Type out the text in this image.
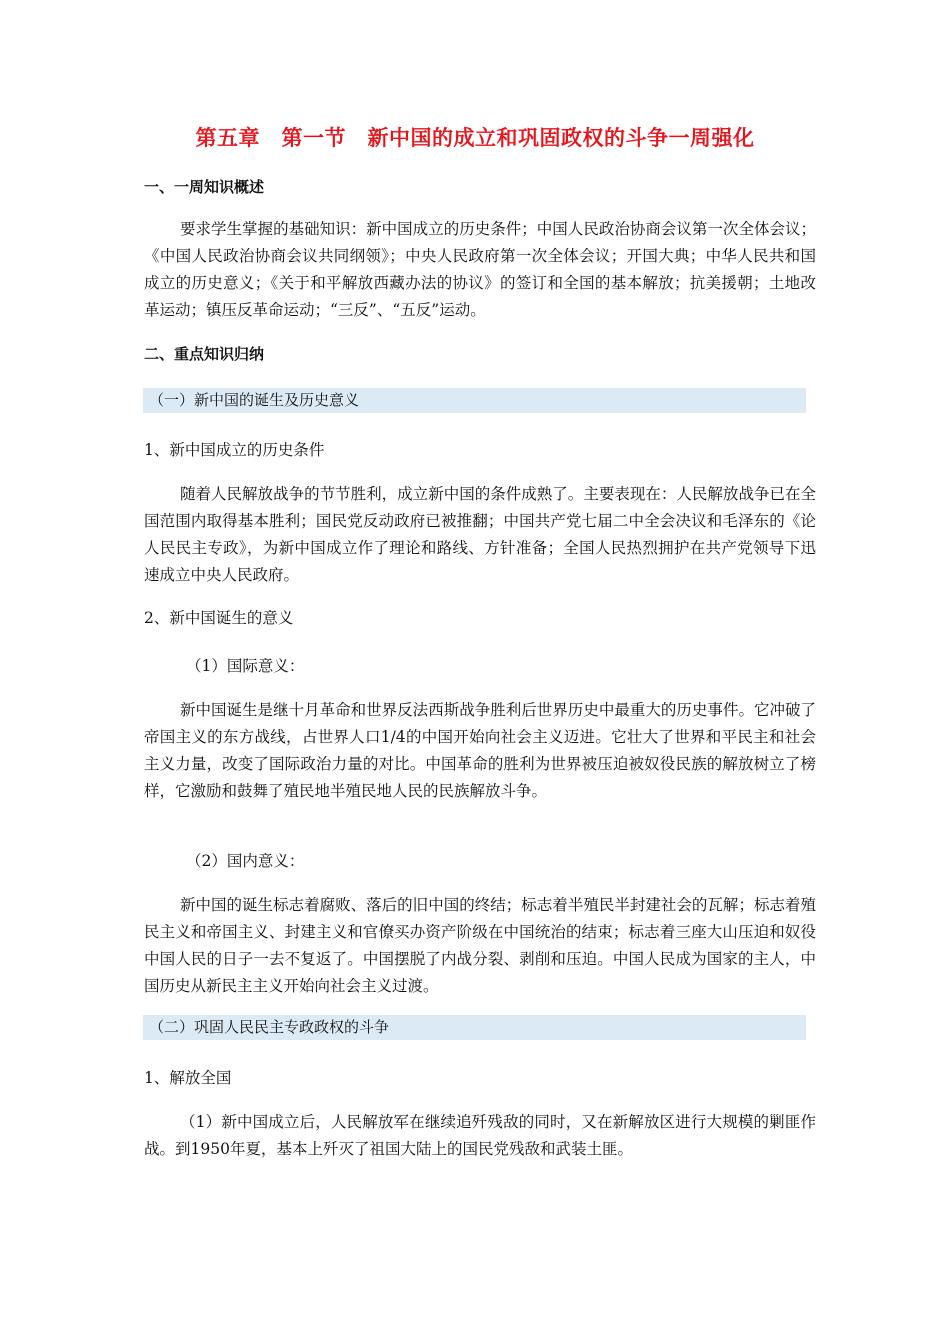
第五章　第一节　新中国的成立和巩固政权的斗争一周强化
一、一周知识概述
要求学生掌握的基础知识：新中国成立的历史条件；中国人民政治协商会议第一次全体会议；《中国人民政治协商会议共同纲领》；中央人民政府第一次全体会议；开国大典；中华人民共和国成立的历史意义；《关于和平解放西藏办法的协议》的签订和全国的基本解放；抗美援朝；土地改革运动；镇压反革命运动；“三反”、“五反”运动。
二、重点知识归纳
（一）新中国的诞生及历史意义
1、新中国成立的历史条件
随着人民解放战争的节节胜利，成立新中国的条件成熟了。主要表现在：人民解放战争已在全国范围内取得基本胜利；国民党反动政府已被推翻；中国共产党七届二中全会决议和毛泽东的《论人民民主专政》，为新中国成立作了理论和路线、方针准备；全国人民热烈拥护在共产党领导下迅速成立中央人民政府。
2、新中国诞生的意义
（1）国际意义：
新中国诞生是继十月革命和世界反法西斯战争胜利后世界历史中最重大的历史事件。它冲破了帝国主义的东方战线，占世界人口1/4的中国开始向社会主义迈进。它壮大了世界和平民主和社会主义力量，改变了国际政治力量的对比。中国革命的胜利为世界被压迫被奴役民族的解放树立了榜样，它激励和鼓舞了殖民地半殖民地人民的民族解放斗争。
（2）国内意义：
新中国的诞生标志着腐败、落后的旧中国的终结；标志着半殖民半封建社会的瓦解；标志着殖民主义和帝国主义、封建主义和官僚买办资产阶级在中国统治的结束；标志着三座大山压迫和奴役中国人民的日子一去不复返了。中国摆脱了内战分裂、剥削和压迫。中国人民成为国家的主人，中国历史从新民主主义开始向社会主义过渡。
（二）巩固人民民主专政政权的斗争
1、解放全国
（1）新中国成立后，人民解放军在继续追歼残敌的同时，又在新解放区进行大规模的剿匪作战。到1950年夏，基本上歼灭了祖国大陆上的国民党残敌和武装土匪。
